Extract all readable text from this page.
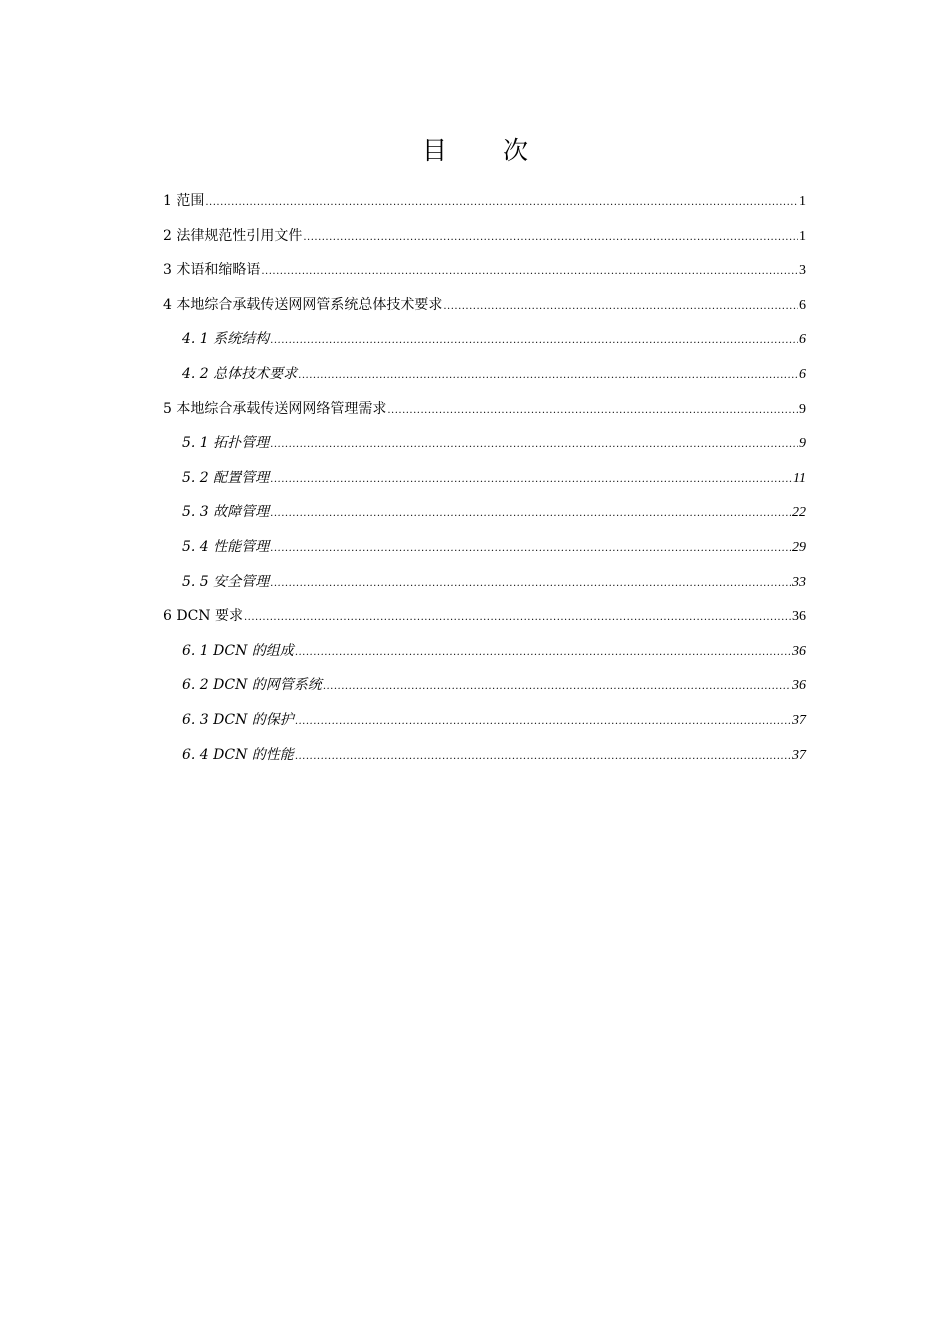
目 次
1 范围 .....	1
2 法律规范性引用文件 .....	1
3 术语和缩略语 .....	3
4 本地综合承载传送网网管系统总体技术要求 .....	6
4. 1 系统结构 .....	6
4. 2 总体技术要求 .....	6
5 本地综合承载传送网网络管理需求 .....	9
5. 1 拓扑管理 .....	9
5. 2 配置管理 .....	11
5. 3 故障管理 .....	22
5. 4 性能管理 .....	29
5. 5 安全管理 .....	33
6 DCN 要求 .....	36
6. 1 DCN 的组成 .....	36
6. 2 DCN 的网管系统 .....	36
6. 3 DCN 的保护 .....	37
6. 4 DCN 的性能 .....	37
